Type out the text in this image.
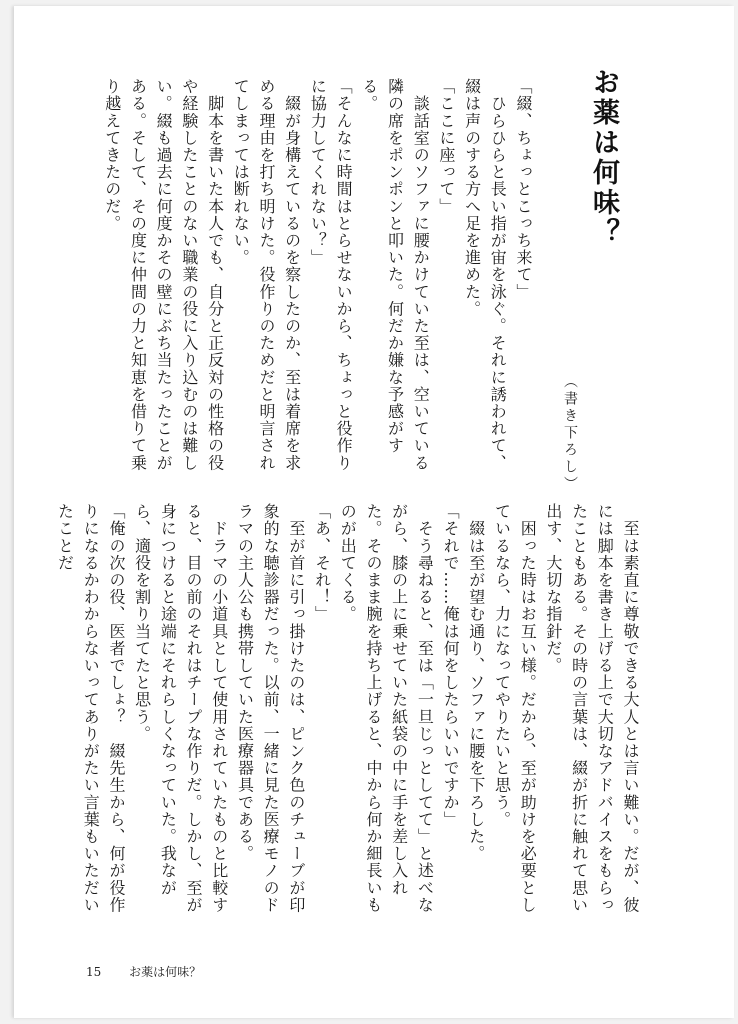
お薬は何味？
（書き下ろし）

「綴、ちょっとこっち来て」

　ひらひらと長い指が宙を泳ぐ。それに誘われて、綴は声のする方へ足を進めた。

「ここに座って」

　談話室のソファに腰かけていた至は、空いている隣の席をポンポンと叩いた。何だか嫌な予感がする。

「そんなに時間はとらせないから、ちょっと役作りに協力してくれない？」

　綴が身構えているのを察したのか、至は着席を求める理由を打ち明けた。役作りのためだと明言されてしまっては断れない。

　脚本を書いた本人でも、自分と正反対の性格の役や経験したことのない職業の役に入り込むのは難しい。綴も過去に何度かその壁にぶち当たったことがある。そして、その度に仲間の力と知恵を借りて乗り越えてきたのだ。

　至は素直に尊敬できる大人とは言い難い。だが、彼には脚本を書き上げる上で大切なアドバイスをもらったこともある。その時の言葉は、綴が折に触れて思い出す、大切な指針だ。

　困った時はお互い様。だから、至が助けを必要としているなら、力になってやりたいと思う。

　綴は至が望む通り、ソファに腰を下ろした。

「それで……俺は何をしたらいいですか」

　そう尋ねると、至は「一旦じっとしてて」と述べながら、膝の上に乗せていた紙袋の中に手を差し入れた。そのまま腕を持ち上げると、中から何か細長いものが出てくる。

「あ、それ！」

　至が首に引っ掛けたのは、ピンク色のチューブが印象的な聴診器だった。以前、一緒に見た医療モノのドラマの主人公も携帯していた医療器具である。

　ドラマの小道具として使用されていたものと比較すると、目の前のそれはチープな作りだ。しかし、至が身につけると途端にそれらしくなっていた。我ながら、適役を割り当てたと思う。

「俺の次の役、医者でしょ？　綴先生から、何が役作りになるかわからないってありがたい言葉もいただいたことだ

15 お薬は何味？
